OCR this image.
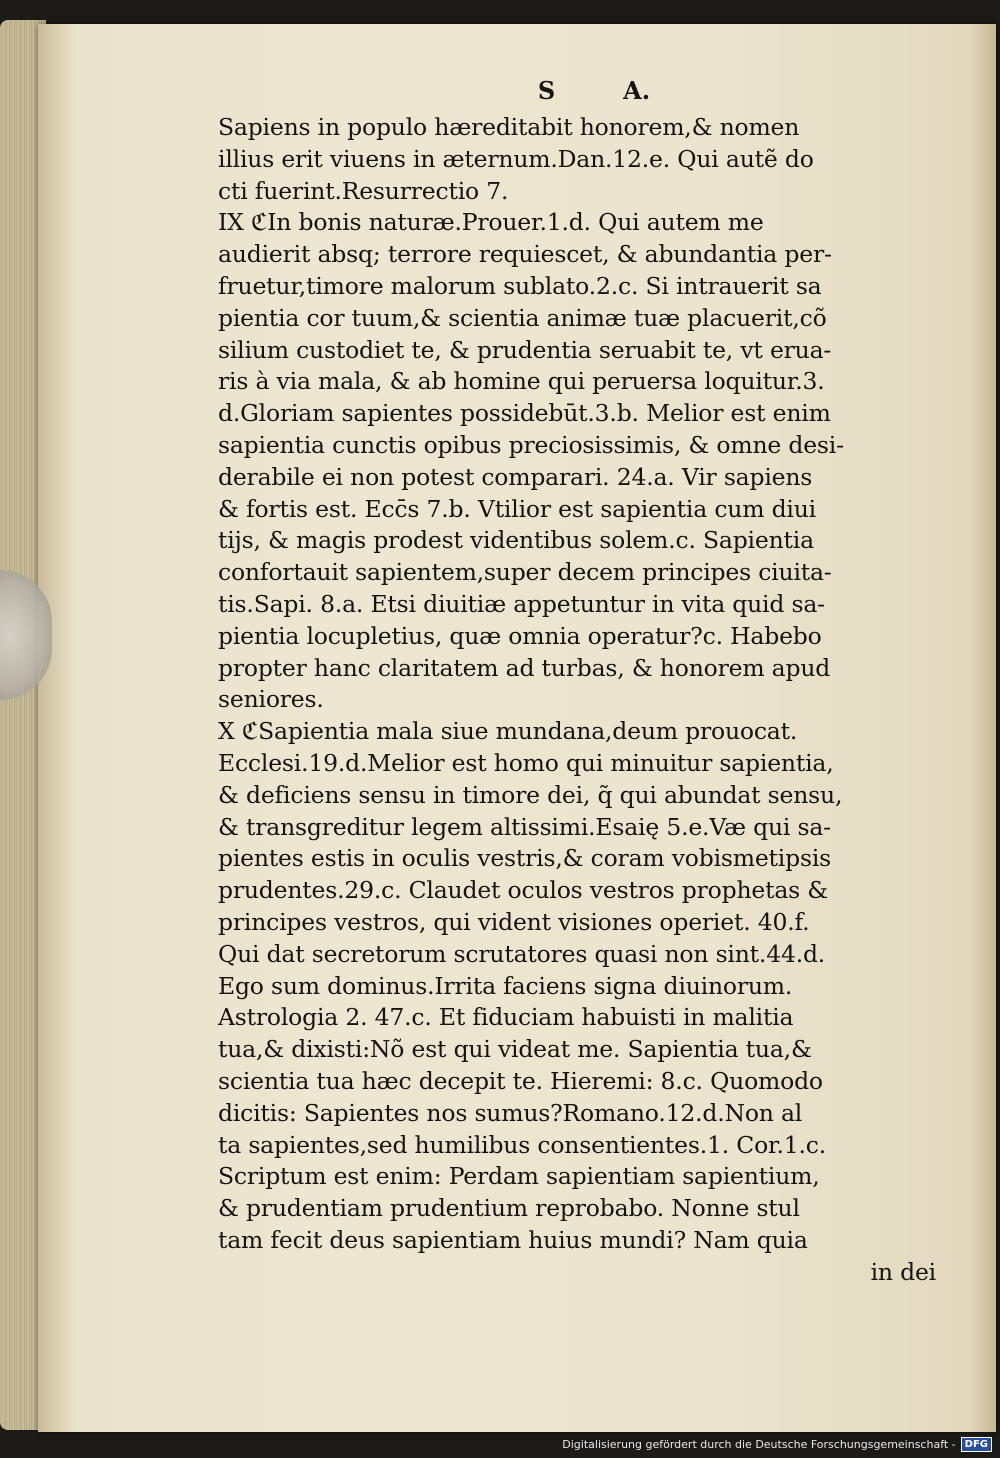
S	A.
Sapiens in populo hæreditabit honorem,& nomen
illius erit viuens in æternum.Dan.12.e. Qui autẽ do
cti fuerint.Resurrectio 7.
IX ℭIn bonis naturæ.Prouer.1.d. Qui autem me
audierit absq; terrore requiescet, & abundantia per-
fruetur,timore malorum sublato.2.c. Si intrauerit sa
pientia cor tuum,& scientia animæ tuæ placuerit,cõ
silium custodiet te, & prudentia seruabit te, vt erua-
ris à via mala, & ab homine qui peruersa loquitur.3.
d.Gloriam sapientes possidebūt.3.b. Melior est enim
sapientia cunctis opibus preciosissimis, & omne desi-
derabile ei non potest comparari. 24.a. Vir sapiens
& fortis est. Ecc̄s 7.b. Vtilior est sapientia cum diui
tijs, & magis prodest videntibus solem.c. Sapientia
confortauit sapientem,super decem principes ciuita-
tis.Sapi. 8.a. Etsi diuitiæ appetuntur in vita quid sa-
pientia locupletius, quæ omnia operatur?c. Habebo
propter hanc claritatem ad turbas, & honorem apud
seniores.
X ℭSapientia mala siue mundana,deum prouocat.
Ecclesi.19.d.Melior est homo qui minuitur sapientia,
& deficiens sensu in timore dei, q̃ qui abundat sensu,
& transgreditur legem altissimi.Esaię 5.e.Væ qui sa-
pientes estis in oculis vestris,& coram vobismetipsis
prudentes.29.c. Claudet oculos vestros prophetas &
principes vestros, qui vident visiones operiet. 40.f.
Qui dat secretorum scrutatores quasi non sint.44.d.
Ego sum dominus.Irrita faciens signa diuinorum.
Astrologia 2. 47.c. Et fiduciam habuisti in malitia
tua,& dixisti:Nõ est qui videat me. Sapientia tua,&
scientia tua hæc decepit te. Hieremi: 8.c. Quomodo
dicitis: Sapientes nos sumus?Romano.12.d.Non al
ta sapientes,sed humilibus consentientes.1. Cor.1.c.
Scriptum est enim: Perdam sapientiam sapientium,
& prudentiam prudentium reprobabo. Nonne stul
tam fecit deus sapientiam huius mundi? Nam quia
in dei
Digitalisierung gefördert durch die Deutsche Forschungsgemeinschaft - DFG
